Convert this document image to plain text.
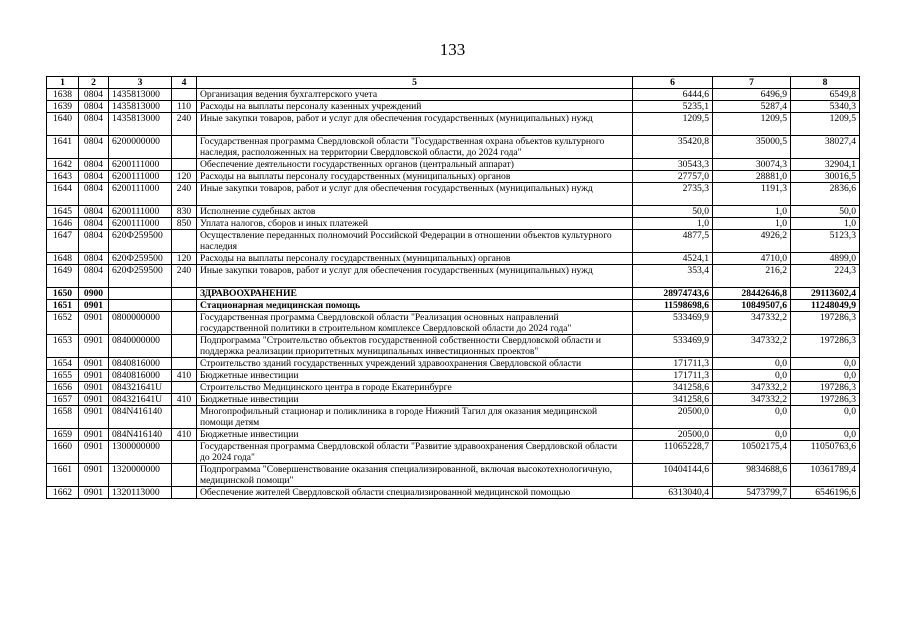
133
1	2	3	4	5	6	7	8
1638	0804	1435813000		Организация ведения бухгалтерского учета	6444,6	6496,9	6549,8
1639	0804	1435813000	110	Расходы на выплаты персоналу казенных учреждений	5235,1	5287,4	5340,3
1640	0804	1435813000	240	Иные закупки товаров, работ и услуг для обеспечения государственных (муниципальных) нужд	1209,5	1209,5	1209,5
1641	0804	6200000000		Государственная программа Свердловской области "Государственная охрана объектов культурного наследия, расположенных на территории Свердловской области, до 2024 года"	35420,8	35000,5	38027,4
1642	0804	6200111000		Обеспечение деятельности государственных органов (центральный аппарат)	30543,3	30074,3	32904,1
1643	0804	6200111000	120	Расходы на выплаты персоналу государственных (муниципальных) органов	27757,0	28881,0	30016,5
1644	0804	6200111000	240	Иные закупки товаров, работ и услуг для обеспечения государственных (муниципальных) нужд	2735,3	1191,3	2836,6
1645	0804	6200111000	830	Исполнение судебных актов	50,0	1,0	50,0
1646	0804	6200111000	850	Уплата налогов, сборов и иных платежей	1,0	1,0	1,0
1647	0804	620Ф259500		Осуществление переданных полномочий Российской Федерации в отношении объектов культурного наследия	4877,5	4926,2	5123,3
1648	0804	620Ф259500	120	Расходы на выплаты персоналу государственных (муниципальных) органов	4524,1	4710,0	4899,0
1649	0804	620Ф259500	240	Иные закупки товаров, работ и услуг для обеспечения государственных (муниципальных) нужд	353,4	216,2	224,3
1650	0900			ЗДРАВООХРАНЕНИЕ	28974743,6	28442646,8	29113602,4
1651	0901			Стационарная медицинская помощь	11598698,6	10849507,6	11248049,9
1652	0901	0800000000		Государственная программа Свердловской области "Реализация основных направлений государственной политики в строительном комплексе Свердловской области до 2024 года"	533469,9	347332,2	197286,3
1653	0901	0840000000		Подпрограмма "Строительство объектов государственной собственности Свердловской области и поддержка реализации приоритетных муниципальных инвестиционных проектов"	533469,9	347332,2	197286,3
1654	0901	0840816000		Строительство зданий государственных учреждений здравоохранения Свердловской области	171711,3	0,0	0,0
1655	0901	0840816000	410	Бюджетные инвестиции	171711,3	0,0	0,0
1656	0901	084321641U		Строительство Медицинского центра в городе Екатеринбурге	341258,6	347332,2	197286,3
1657	0901	084321641U	410	Бюджетные инвестиции	341258,6	347332,2	197286,3
1658	0901	084N416140		Многопрофильный стационар и поликлиника в городе Нижний Тагил для оказания медицинской помощи детям	20500,0	0,0	0,0
1659	0901	084N416140	410	Бюджетные инвестиции	20500,0	0,0	0,0
1660	0901	1300000000		Государственная программа Свердловской области "Развитие здравоохранения Свердловской области до 2024 года"	11065228,7	10502175,4	11050763,6
1661	0901	1320000000		Подпрограмма "Совершенствование оказания специализированной, включая высокотехнологичную, медицинской помощи"	10404144,6	9834688,6	10361789,4
1662	0901	1320113000		Обеспечение жителей Свердловской области специализированной медицинской помощью	6313040,4	5473799,7	6546196,6
